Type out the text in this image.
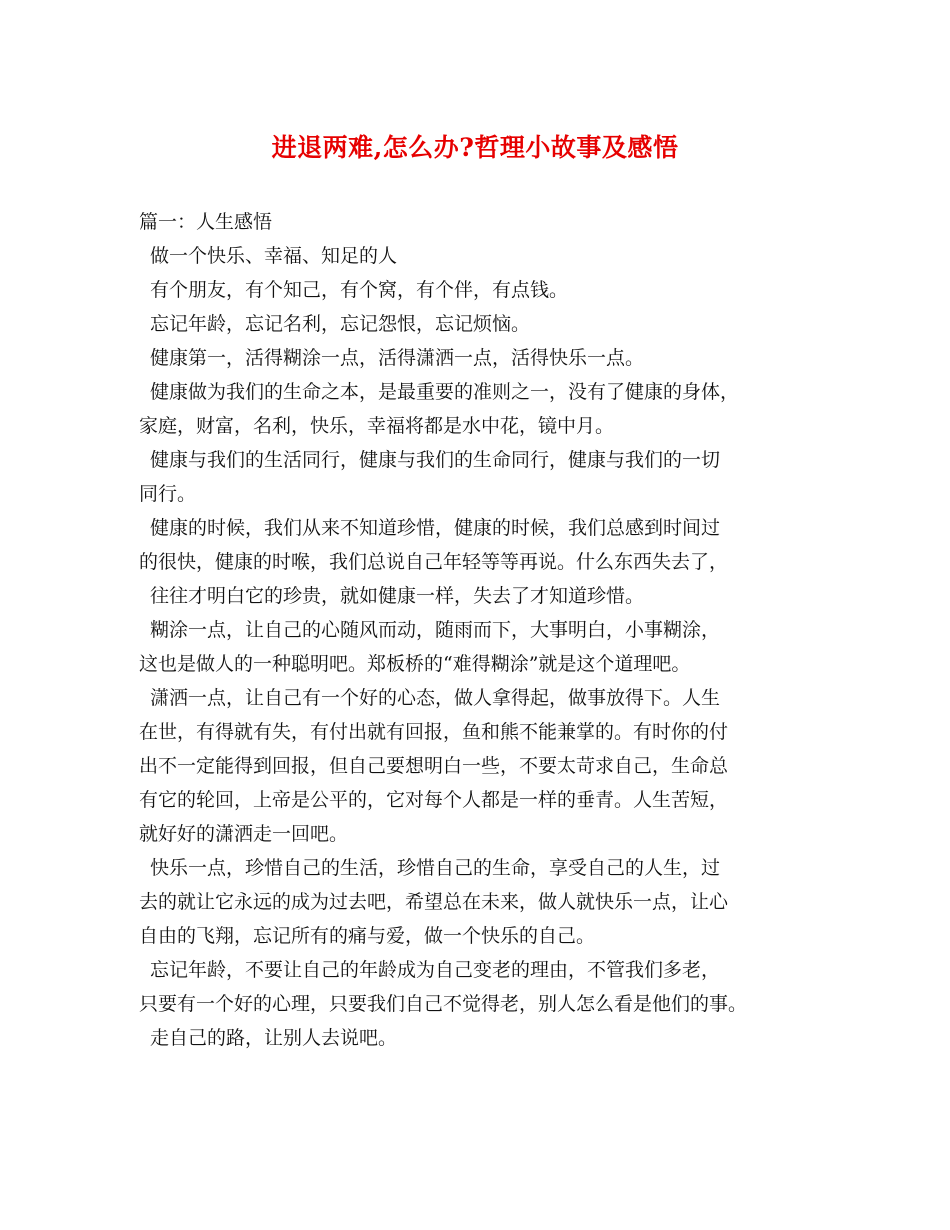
进退两难,怎么办?哲理小故事及感悟
篇一：人生感悟
做一个快乐、幸福、知足的人
有个朋友，有个知己，有个窝，有个伴，有点钱。
忘记年龄，忘记名利，忘记怨恨，忘记烦恼。
健康第一，活得糊涂一点，活得潇洒一点，活得快乐一点。
健康做为我们的生命之本，是最重要的准则之一，没有了健康的身体，
家庭，财富，名利，快乐，幸福将都是水中花，镜中月。
健康与我们的生活同行，健康与我们的生命同行，健康与我们的一切
同行。
健康的时候，我们从来不知道珍惜，健康的时候，我们总感到时间过
的很快，健康的时喉，我们总说自己年轻等等再说。什么东西失去了，
往往才明白它的珍贵，就如健康一样，失去了才知道珍惜。
糊涂一点，让自己的心随风而动，随雨而下，大事明白，小事糊涂，
这也是做人的一种聪明吧。郑板桥的“难得糊涂”就是这个道理吧。
潇洒一点，让自己有一个好的心态，做人拿得起，做事放得下。人生
在世，有得就有失，有付出就有回报，鱼和熊不能兼掌的。有时你的付
出不一定能得到回报，但自己要想明白一些，不要太苛求自己，生命总
有它的轮回，上帝是公平的，它对每个人都是一样的垂青。人生苦短，
就好好的潇洒走一回吧。
快乐一点，珍惜自己的生活，珍惜自己的生命，享受自己的人生，过
去的就让它永远的成为过去吧，希望总在未来，做人就快乐一点，让心
自由的飞翔，忘记所有的痛与爱，做一个快乐的自己。
忘记年龄，不要让自己的年龄成为自己变老的理由，不管我们多老，
只要有一个好的心理，只要我们自己不觉得老，别人怎么看是他们的事。
走自己的路，让别人去说吧。
